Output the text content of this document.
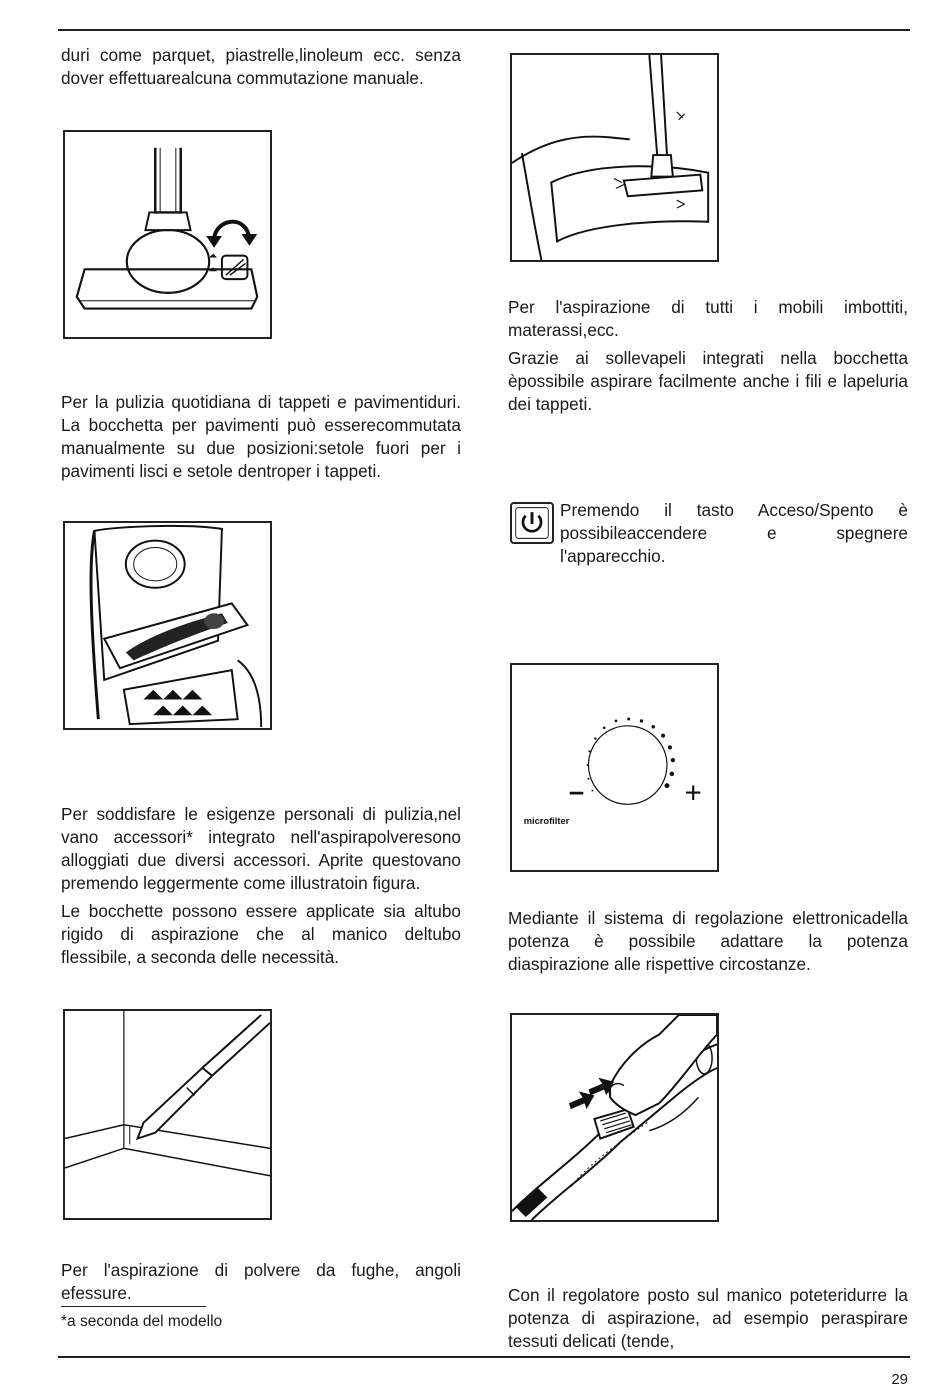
duri come parquet, piastrelle,linoleum ecc. senza dover effettuarealcuna commutazione manuale.

Per la pulizia quotidiana di tappeti e pavimentiduri. La bocchetta per pavimenti può esserecommutata manualmente su due posizioni:setole fuori per i pavimenti lisci e setole dentroper i tappeti.

Per soddisfare le esigenze personali di pulizia,nel vano accessori* integrato nell'aspirapolveresono alloggiati due diversi accessori. Aprite questovano premendo leggermente come illustratoin figura.

Le bocchette possono essere applicate sia altubo rigido di aspirazione che al manico deltubo flessibile, a seconda delle necessità.

Per l'aspirazione di polvere da fughe, angoli efessure.

*a seconda del modello

Per l'aspirazione di tutti i mobili imbottiti, materassi,ecc.

Grazie ai sollevapeli integrati nella bocchetta èpossibile aspirare facilmente anche i fili e lapeluria dei tappeti.

Premendo il tasto Acceso/Spento è possibileaccendere e spegnere l'apparecchio.

–	+
microfilter

Mediante il sistema di regolazione elettronicadella potenza è possibile adattare la potenza diaspirazione alle rispettive circostanze.

Con il regolatore posto sul manico poteteridurre la potenza di aspirazione, ad esempio peraspirare tessuti delicati (tende,

29
